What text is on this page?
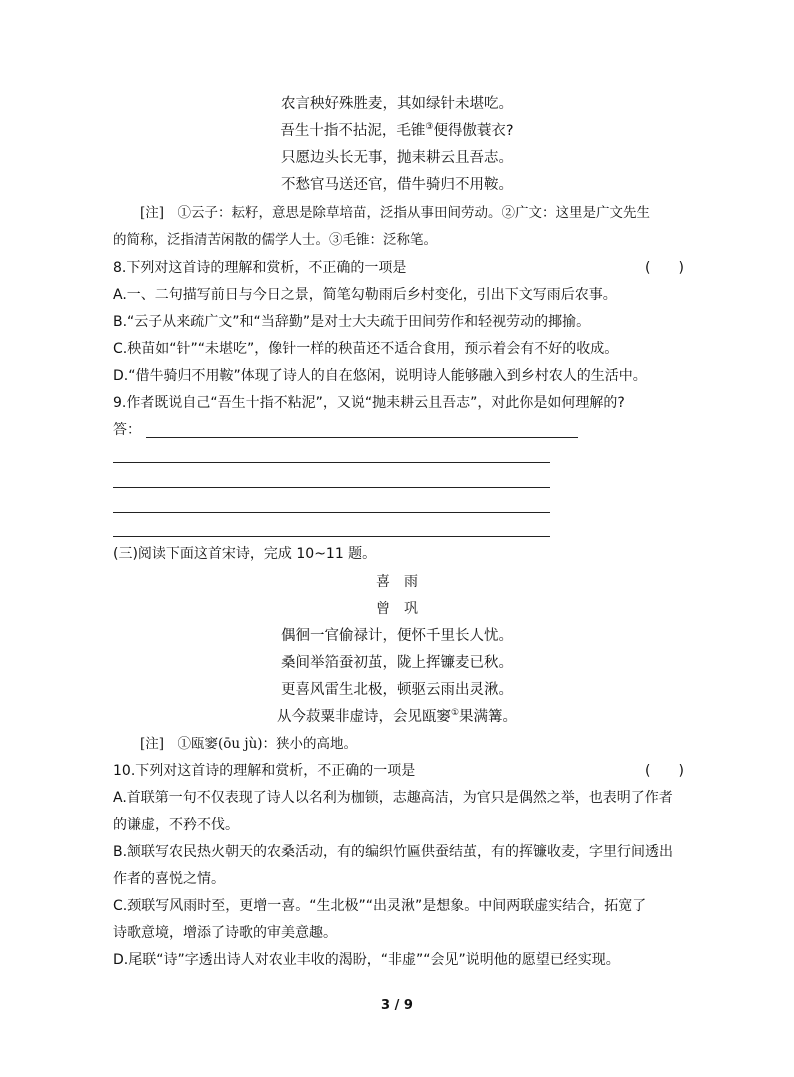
农言秧好殊胜麦，其如绿针未堪吃。
吾生十指不拈泥，毛锥③便得傲蓑衣?
只愿边头长无事，抛耒耕云且吾志。
不愁官马送还官，借牛骑归不用鞍。
[注]　①云子：耘籽，意思是除草培苗，泛指从事田间劳动。②广文：这里是广文先生
的简称，泛指清苦闲散的儒学人士。③毛锥：泛称笔。
8.下列对这首诗的理解和赏析，不正确的一项是	(　　)
A.一、二句描写前日与今日之景，简笔勾勒雨后乡村变化，引出下文写雨后农事。
B.“云子从来疏广文”和“当辞勤”是对士大夫疏于田间劳作和轻视劳动的揶揄。
C.秧苗如“针”“未堪吃”，像针一样的秧苗还不适合食用，预示着会有不好的收成。
D.“借牛骑归不用鞍”体现了诗人的自在悠闲，说明诗人能够融入到乡村农人的生活中。
9.作者既说自己“吾生十指不粘泥”，又说“抛耒耕云且吾志”，对此你是如何理解的?
答：
(三)阅读下面这首宋诗，完成 10~11 题。
喜　雨
曾　巩
偶徊一官偷禄计，便怀千里长人忧。
桑间举箔蚕初茧，陇上挥镰麦已秋。
更喜风雷生北极，顿驱云雨出灵湫。
从今菽粟非虚诗，会见瓯窭①果满篝。
[注]　①瓯窭(ōu jù)：狭小的高地。
10.下列对这首诗的理解和赏析，不正确的一项是	(　　)
A.首联第一句不仅表现了诗人以名利为枷锁，志趣高洁，为官只是偶然之举，也表明了作者
的谦虚，不矜不伐。
B.颔联写农民热火朝天的农桑活动，有的编织竹匾供蚕结茧，有的挥镰收麦，字里行间透出
作者的喜悦之情。
C.颈联写风雨时至，更增一喜。“生北极”“出灵湫”是想象。中间两联虚实结合，拓宽了
诗歌意境，增添了诗歌的审美意趣。
D.尾联“诗”字透出诗人对农业丰收的渴盼，“非虚”“会见”说明他的愿望已经实现。
3 / 9
